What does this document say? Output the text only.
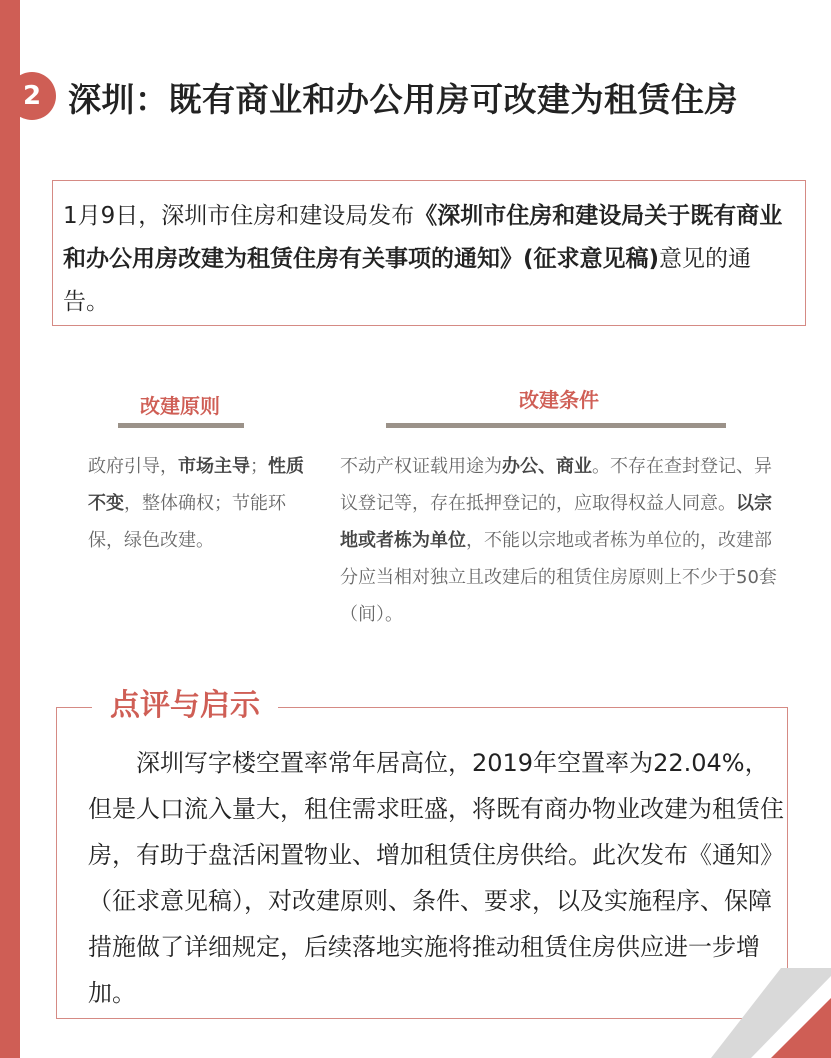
2 深圳：既有商业和办公用房可改建为租赁住房
1月9日，深圳市住房和建设局发布《深圳市住房和建设局关于既有商业和办公用房改建为租赁住房有关事项的通知》(征求意见稿)意见的通告。
改建原则	改建条件
政府引导，市场主导；性质不变，整体确权；节能环保，绿色改建。
不动产权证载用途为办公、商业。不存在查封登记、异议登记等，存在抵押登记的，应取得权益人同意。以宗地或者栋为单位，不能以宗地或者栋为单位的，改建部分应当相对独立且改建后的租赁住房原则上不少于50套（间）。
点评与启示

深圳写字楼空置率常年居高位，2019年空置率为22.04%，但是人口流入量大，租住需求旺盛，将既有商办物业改建为租赁住房，有助于盘活闲置物业、增加租赁住房供给。此次发布《通知》（征求意见稿），对改建原则、条件、要求，以及实施程序、保障措施做了详细规定，后续落地实施将推动租赁住房供应进一步增加。
